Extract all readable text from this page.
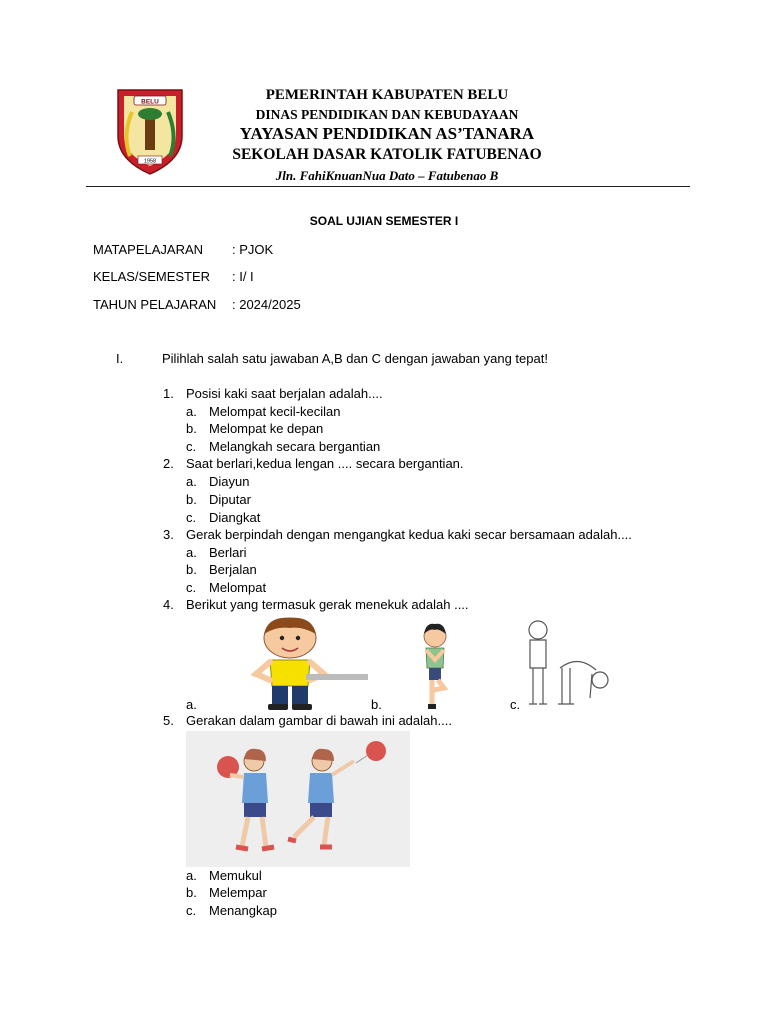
BELU
1958
PEMERINTAH KABUPATEN BELU
DINAS PENDIDIKAN DAN KEBUDAYAAN
YAYASAN PENDIDIKAN AS’TANARA
SEKOLAH DASAR KATOLIK FATUBENAO
Jln. FahiKnuanNua Dato – Fatubenao B
SOAL UJIAN SEMESTER I
MATAPELAJARAN : PJOK
KELAS/SEMESTER : I/ I
TAHUN PELAJARAN : 2024/2025
I.	Pilihlah salah satu jawaban A,B dan C dengan jawaban yang tepat!
1. Posisi kaki saat berjalan adalah....
a. Melompat kecil-kecilan
b. Melompat ke depan
c. Melangkah secara bergantian
2. Saat berlari,kedua lengan .... secara bergantian.
a. Diayun
b. Diputar
c. Diangkat
3. Gerak berpindah dengan mengangkat kedua kaki secar bersamaan adalah....
a. Berlari
b. Berjalan
c. Melompat
4. Berikut yang termasuk gerak menekuk adalah ....
a.	b.	c.
5. Gerakan dalam gambar di bawah ini adalah....
a. Memukul
b. Melempar
c. Menangkap
